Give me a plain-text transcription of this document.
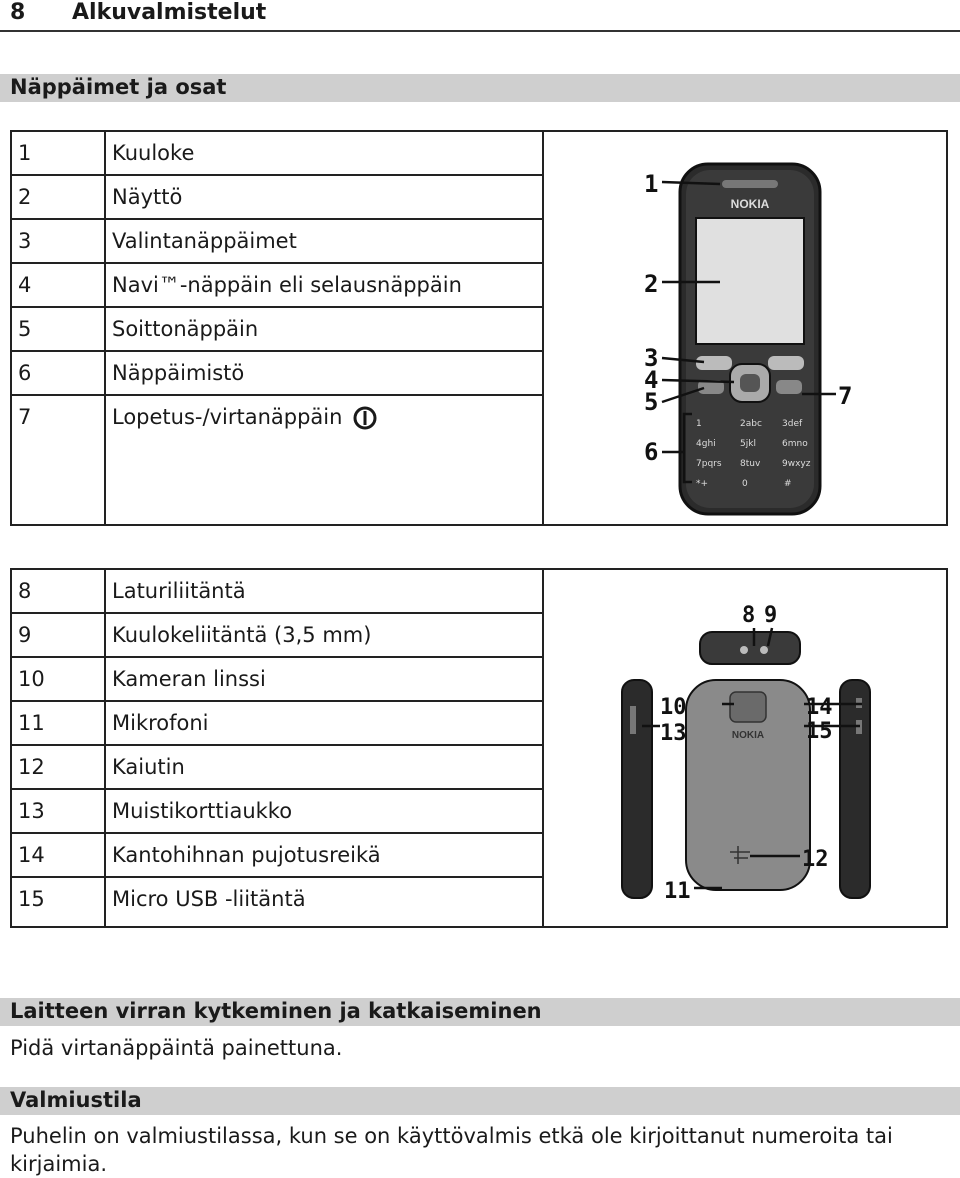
8 Alkuvalmistelut
Näppäimet ja osat
1	Kuuloke
2	Näyttö
3	Valintanäppäimet
4	Navi™-näppäin eli selausnäppäin
5	Soittonäppäin
6	Näppäimistö
7	Lopetus-/virtanäppäin
NOKIA
1	2abc 3def
4ghi	5jkl	6mno
7pqrs 8tuv 9wxyz
*+	0	#
1
2
3
4
5
6
7
8	Laturiliitäntä
9	Kuulokeliitäntä (3,5 mm)
10	Kameran linssi
11	Mikrofoni
12	Kaiutin
13	Muistikorttiaukko
14	Kantohihnan pujotusreikä
15	Micro USB -liitäntä
NOKIA
8 9
10
13
14
15
12
11
Laitteen virran kytkeminen ja katkaiseminen
Pidä virtanäppäintä painettuna.
Valmiustila
Puhelin on valmiustilassa, kun se on käyttövalmis etkä ole kirjoittanut numeroita tai
kirjaimia.
